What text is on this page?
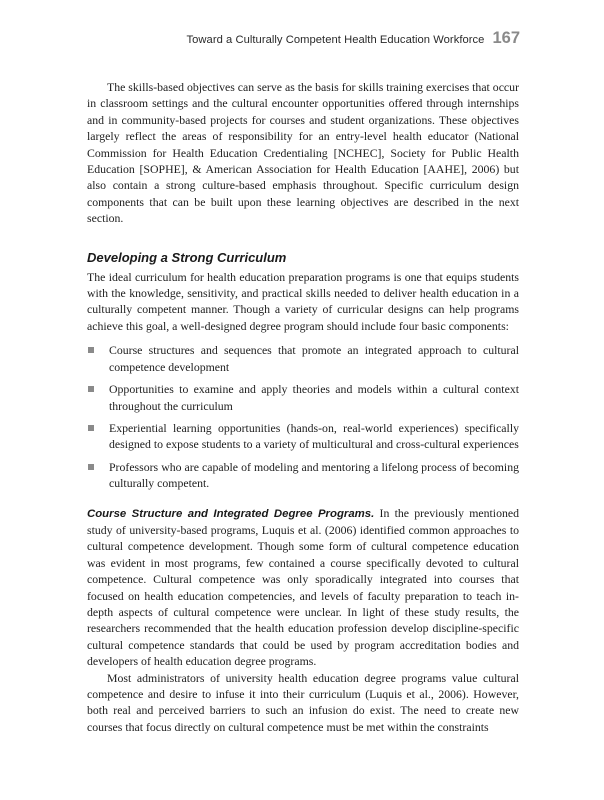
Toward a Culturally Competent Health Education Workforce 167

The skills-based objectives can serve as the basis for skills training exercises that occur in classroom settings and the cultural encounter opportunities offered through internships and in community-based projects for courses and student organizations. These objectives largely reflect the areas of responsibility for an entry-level health educator (National Commission for Health Education Credentialing [NCHEC], Society for Public Health Education [SOPHE], & American Association for Health Education [AAHE], 2006) but also contain a strong culture-based emphasis throughout. Specific curriculum design components that can be built upon these learning objectives are described in the next section.

Developing a Strong Curriculum

The ideal curriculum for health education preparation programs is one that equips students with the knowledge, sensitivity, and practical skills needed to deliver health education in a culturally competent manner. Though a variety of curricular designs can help programs achieve this goal, a well-designed degree program should include four basic components:

Course structures and sequences that promote an integrated approach to cultural competence development
Opportunities to examine and apply theories and models within a cultural context throughout the curriculum
Experiential learning opportunities (hands-on, real-world experiences) specifically designed to expose students to a variety of multicultural and cross-cultural experiences
Professors who are capable of modeling and mentoring a lifelong process of becoming culturally competent.

Course Structure and Integrated Degree Programs. In the previously mentioned study of university-based programs, Luquis et al. (2006) identified common approaches to cultural competence development. Though some form of cultural competence education was evident in most programs, few contained a course specifically devoted to cultural competence. Cultural competence was only sporadically integrated into courses that focused on health education competencies, and levels of faculty preparation to teach in-depth aspects of cultural competence were unclear. In light of these study results, the researchers recommended that the health education profession develop discipline-specific cultural competence standards that could be used by program accreditation bodies and developers of health education degree programs.

Most administrators of university health education degree programs value cultural competence and desire to infuse it into their curriculum (Luquis et al., 2006). However, both real and perceived barriers to such an infusion do exist. The need to create new courses that focus directly on cultural competence must be met within the constraints
